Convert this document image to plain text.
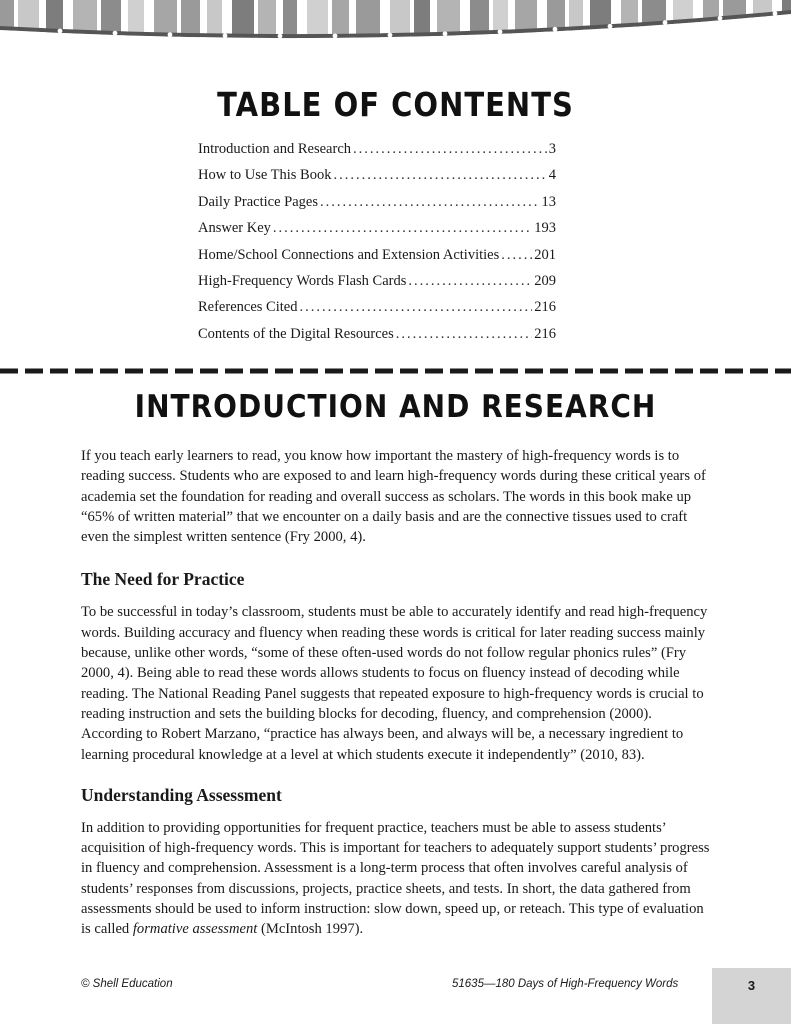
TABLE OF CONTENTS
Introduction and Research .....	3
How to Use This Book .....	4
Daily Practice Pages .....	13
Answer Key .....	193
Home/School Connections and Extension Activities ..... 201
High-Frequency Words Flash Cards .....	209
References Cited .....	216
Contents of the Digital Resources .....	216
INTRODUCTION AND RESEARCH

If you teach early learners to read, you know how important the mastery of high-frequency words is to reading success. Students who are exposed to and learn high-frequency words during these critical years of academia set the foundation for reading and overall success as scholars. The words in this book make up “65% of written material” that we encounter on a daily basis and are the connective tissues used to craft even the simplest written sentence (Fry 2000, 4).

The Need for Practice

To be successful in today’s classroom, students must be able to accurately identify and read high-frequency words. Building accuracy and fluency when reading these words is critical for later reading success mainly because, unlike other words, “some of these often-used words do not follow regular phonics rules” (Fry 2000, 4). Being able to read these words allows students to focus on fluency instead of decoding while reading. The National Reading Panel suggests that repeated exposure to high-frequency words is crucial to reading instruction and sets the building blocks for decoding, fluency, and comprehension (2000). According to Robert Marzano, “practice has always been, and always will be, a necessary ingredient to learning procedural knowledge at a level at which students execute it independently” (2010, 83).

Understanding Assessment

In addition to providing opportunities for frequent practice, teachers must be able to assess students’ acquisition of high-frequency words. This is important for teachers to adequately support students’ progress in fluency and comprehension. Assessment is a long-term process that often involves careful analysis of students’ responses from discussions, projects, practice sheets, and tests. In short, the data gathered from assessments should be used to inform instruction: slow down, speed up, or reteach. This type of evaluation is called formative assessment (McIntosh 1997).

© Shell Education	51635—180 Days of High-Frequency Words	3
